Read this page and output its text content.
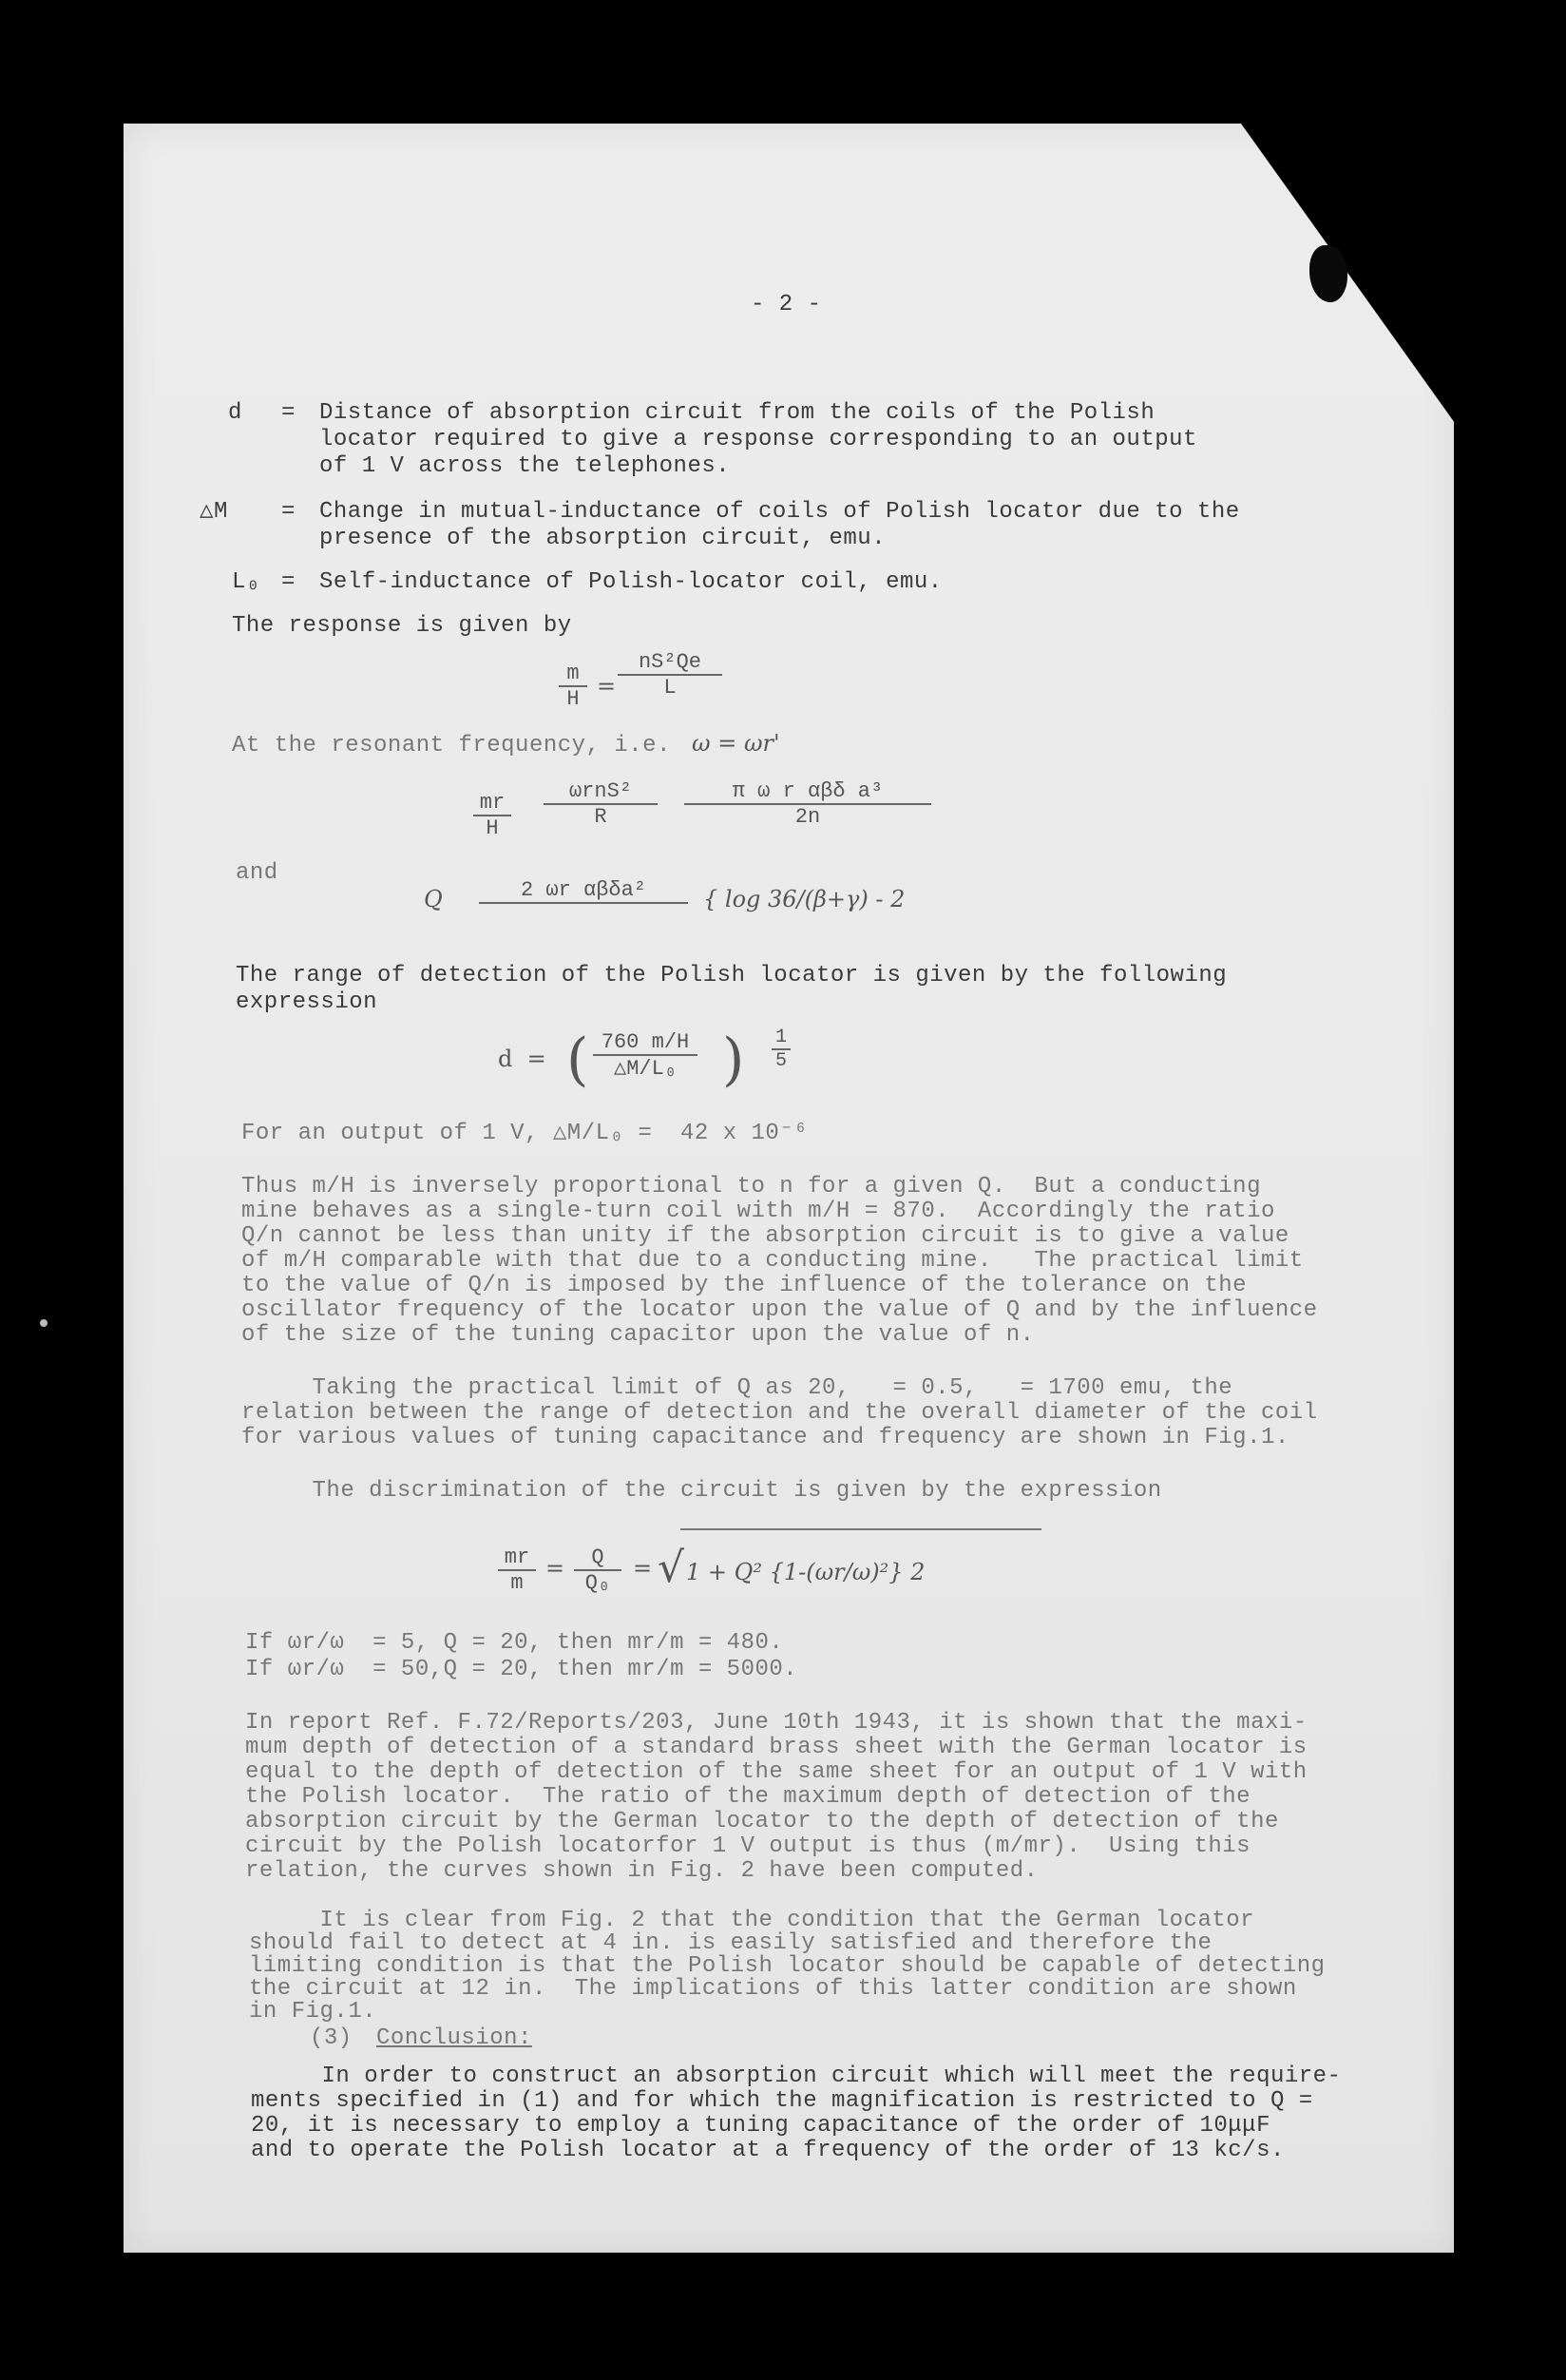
- 2 -
d = Distance of absorption circuit from the coils of the Polish
locator required to give a response corresponding to an output
of 1 V across the telephones.
△M = Change in mutual-inductance of coils of Polish locator due to the
presence of the absorption circuit, emu.
L₀ = Self-inductance of Polish-locator coil, emu.
The response is given by
$\frac{m}{H} = \frac{\text{nS²Qe}}{L}$
At the resonant frequency, i.e. ω = ωr'
$\frac{mr}{H}$	ωrnS²
R
π ω r αβδ a³
2n
and
Q	2 ωr αβδa²	{ log 36/(β+γ) - 2
The range of detection of the Polish locator is given by the following
expression
d  = ( $\frac{760 m/H}{\text{△M/L₀}}$ ) $\frac{1}{5}$
For an output of 1 V, △M/L₀ =  42 x 10⁻⁶
Thus m/H is inversely proportional to n for a given Q.  But a conducting
mine behaves as a single-turn coil with m/H = 870.  Accordingly the ratio
Q/n cannot be less than unity if the absorption circuit is to give a value
of m/H comparable with that due to a conducting mine.   The practical limit
to the value of Q/n is imposed by the influence of the tolerance on the
oscillator frequency of the locator upon the value of Q and by the influence
of the size of the tuning capacitor upon the value of n.
Taking the practical limit of Q as 20,   = 0.5,   = 1700 emu, the
relation between the range of detection and the overall diameter of the coil
for various values of tuning capacitance and frequency are shown in Fig.1.
The discrimination of the circuit is given by the expression
$\frac{mr}{m} = \frac{Q}{\text{Q₀}}$ = √ 1 + Q² {1-(ωr/ω)²} 2
If ωr/ω  = 5, Q = 20, then mr/m = 480.
If ωr/ω  = 50,Q = 20, then mr/m = 5000.
In report Ref. F.72/Reports/203, June 10th 1943, it is shown that the maxi-
mum depth of detection of a standard brass sheet with the German locator is
equal to the depth of detection of the same sheet for an output of 1 V with
the Polish locator.  The ratio of the maximum depth of detection of the
absorption circuit by the German locator to the depth of detection of the
circuit by the Polish locatorfor 1 V output is thus (m/mr).  Using this
relation, the curves shown in Fig. 2 have been computed.
It is clear from Fig. 2 that the condition that the German locator
should fail to detect at 4 in. is easily satisfied and therefore the
limiting condition is that the Polish locator should be capable of detecting
the circuit at 12 in.  The implications of this latter condition are shown
in Fig.1.
(3) Conclusion:
In order to construct an absorption circuit which will meet the require-
ments specified in (1) and for which the magnification is restricted to Q =
20, it is necessary to employ a tuning capacitance of the order of 10μμF
and to operate the Polish locator at a frequency of the order of 13 kc/s.
